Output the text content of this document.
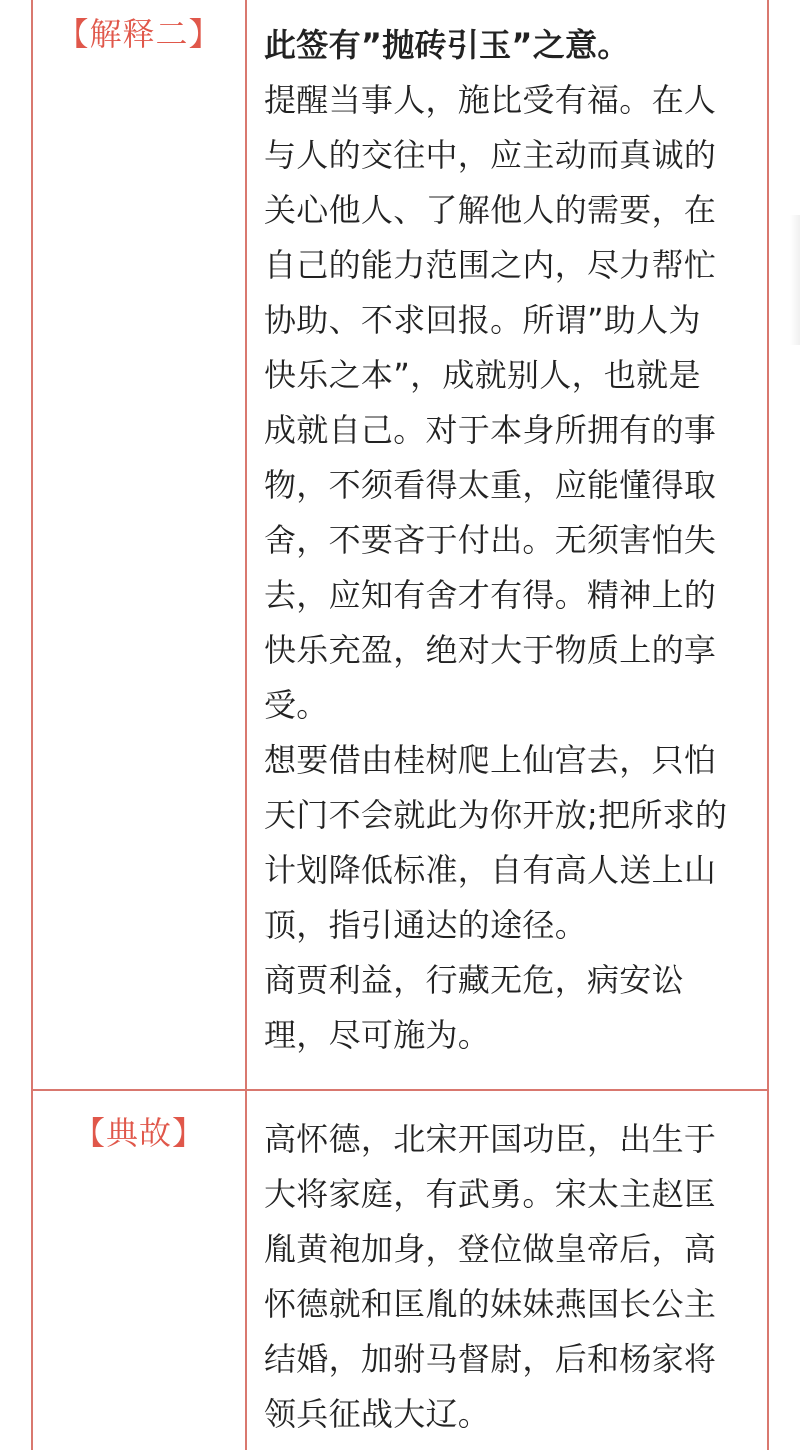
【解释二】	此签有”抛砖引玉”之意。
提醒当事人，施比受有福。在人
与人的交往中，应主动而真诚的
关心他人、了解他人的需要，在
自己的能力范围之内，尽力帮忙
协助、不求回报。所谓”助人为
快乐之本”，成就别人，也就是
成就自己。对于本身所拥有的事
物，不须看得太重，应能懂得取
舍，不要吝于付出。无须害怕失
去，应知有舍才有得。精神上的
快乐充盈，绝对大于物质上的享
受。
想要借由桂树爬上仙宫去，只怕
天门不会就此为你开放;把所求的
计划降低标准，自有高人送上山
顶，指引通达的途径。
商贾利益，行藏无危，病安讼
理，尽可施为。
【典故】	高怀德，北宋开国功臣，出生于
大将家庭，有武勇。宋太主赵匡
胤黄袍加身，登位做皇帝后，高
怀德就和匡胤的妹妹燕国长公主
结婚，加驸马督尉，后和杨家将
领兵征战大辽。
